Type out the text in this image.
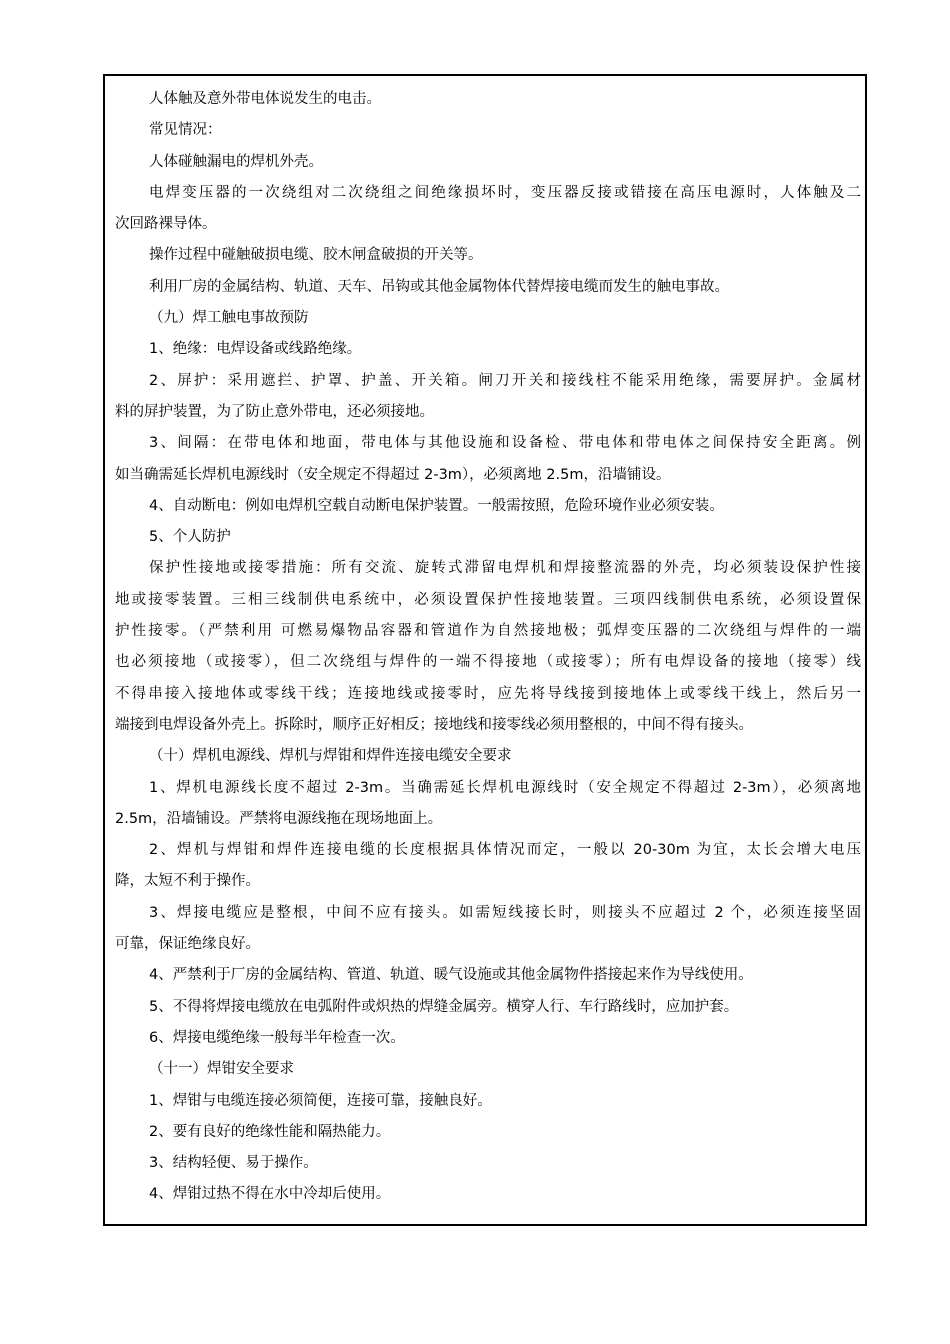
人体触及意外带电体说发生的电击。
常见情况：
人体碰触漏电的焊机外壳。
电焊变压器的一次绕组对二次绕组之间绝缘损坏时，变压器反接或错接在高压电源时，人体触及二
次回路裸导体。
操作过程中碰触破损电缆、胶木闸盒破损的开关等。
利用厂房的金属结构、轨道、天车、吊钩或其他金属物体代替焊接电缆而发生的触电事故。
（九）焊工触电事故预防
1、绝缘：电焊设备或线路绝缘。
2、屏护：采用遮拦、护罩、护盖、开关箱。闸刀开关和接线柱不能采用绝缘，需要屏护。金属材
料的屏护装置，为了防止意外带电，还必须接地。
3、间隔：在带电体和地面，带电体与其他设施和设备检、带电体和带电体之间保持安全距离。例
如当确需延长焊机电源线时（安全规定不得超过 2-3m），必须离地 2.5m，沿墙铺设。
4、自动断电：例如电焊机空载自动断电保护装置。一般需按照，危险环境作业必须安装。
5、个人防护
保护性接地或接零措施：所有交流、旋转式滞留电焊机和焊接整流器的外壳，均必须装设保护性接
地或接零装置。三相三线制供电系统中，必须设置保护性接地装置。三项四线制供电系统，必须设置保
护性接零。（严禁利用 可燃易爆物品容器和管道作为自然接地极；弧焊变压器的二次绕组与焊件的一端
也必须接地（或接零），但二次绕组与焊件的一端不得接地（或接零）；所有电焊设备的接地（接零）线
不得串接入接地体或零线干线；连接地线或接零时，应先将导线接到接地体上或零线干线上，然后另一
端接到电焊设备外壳上。拆除时，顺序正好相反；接地线和接零线必须用整根的，中间不得有接头。
（十）焊机电源线、焊机与焊钳和焊件连接电缆安全要求
1、焊机电源线长度不超过 2-3m。当确需延长焊机电源线时（安全规定不得超过 2-3m），必须离地
2.5m，沿墙铺设。严禁将电源线拖在现场地面上。
2、焊机与焊钳和焊件连接电缆的长度根据具体情况而定，一般以 20-30m 为宜，太长会增大电压
降，太短不利于操作。
3、焊接电缆应是整根，中间不应有接头。如需短线接长时，则接头不应超过 2 个，必须连接坚固
可靠，保证绝缘良好。
4、严禁利于厂房的金属结构、管道、轨道、暖气设施或其他金属物件搭接起来作为导线使用。
5、不得将焊接电缆放在电弧附件或炽热的焊缝金属旁。横穿人行、车行路线时，应加护套。
6、焊接电缆绝缘一般每半年检查一次。
（十一）焊钳安全要求
1、焊钳与电缆连接必须简便，连接可靠，接触良好。
2、要有良好的绝缘性能和隔热能力。
3、结构轻便、易于操作。
4、焊钳过热不得在水中冷却后使用。
